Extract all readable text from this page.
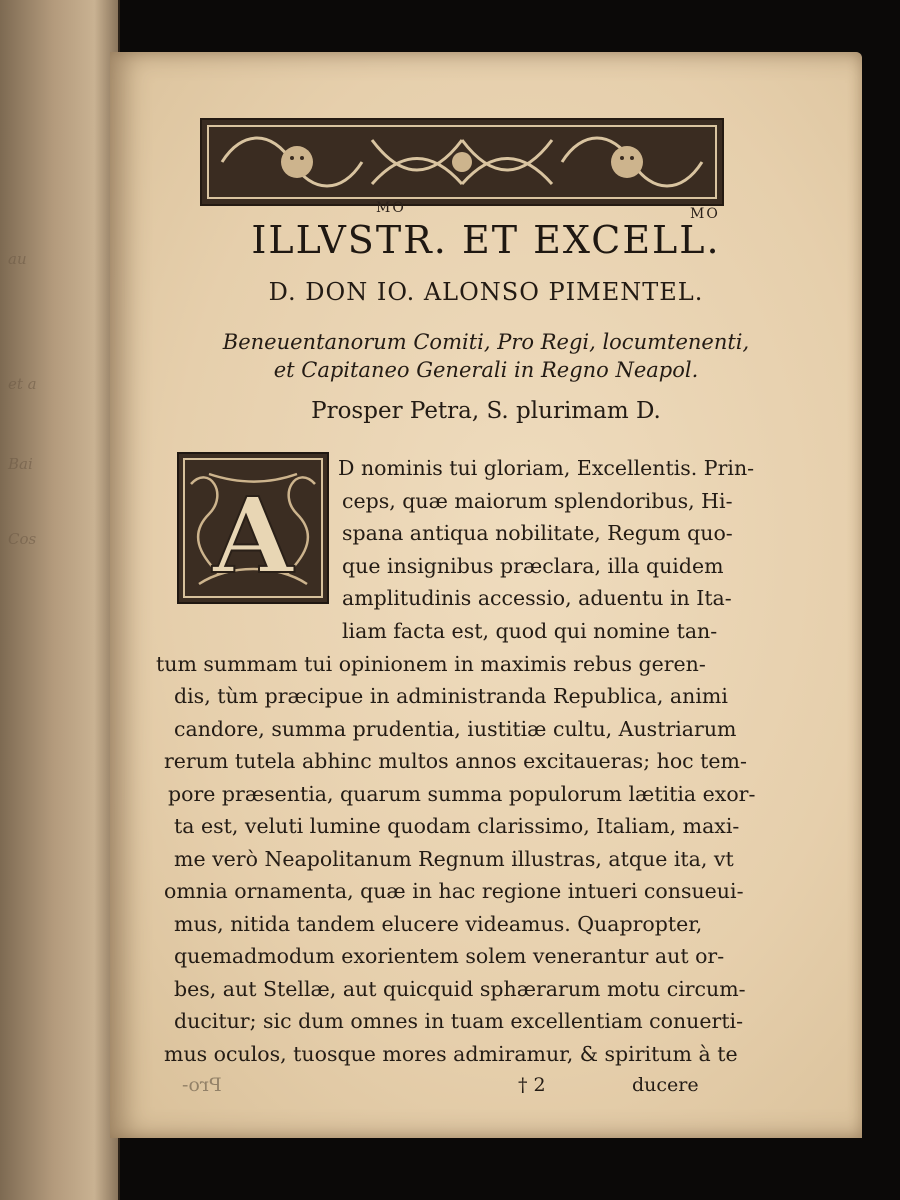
au
et a
Bai
Cos
MO	MO
ILLVSTR. ET EXCELL.
D. DON IO. ALONSO PIMENTEL.
Beneuentanorum Comiti, Pro Regi, locumtenenti,
et Capitaneo Generali in Regno Neapol.
Prosper Petra, S. plurimam D.
A
D nominis tui gloriam, Excellentis. Prin-
ceps, quæ maiorum splendoribus, Hi-
spana antiqua nobilitate, Regum quo-
que insignibus præclara, illa quidem
amplitudinis accessio, aduentu in Ita-
liam facta est, quod qui nomine tan-
tum summam tui opinionem in maximis rebus geren-
dis, tùm præcipue in administranda Republica, animi
candore, summa prudentia, iustitiæ cultu, Austriarum
rerum tutela abhinc multos annos excitaueras; hoc tem-
pore præsentia, quarum summa populorum lætitia exor-
ta est, veluti lumine quodam clarissimo, Italiam, maxi-
me verò Neapolitanum Regnum illustras, atque ita, vt
omnia ornamenta, quæ in hac regione intueri consueui-
mus, nitida tandem elucere videamus. Quapropter,
quemadmodum exorientem solem venerantur aut or-
bes, aut Stellæ, aut quicquid sphærarum motu circum-
ducitur; sic dum omnes in tuam excellentiam conuerti-
mus oculos, tuosque mores admiramur, & spiritum à te
Pro-	† 2	ducere
